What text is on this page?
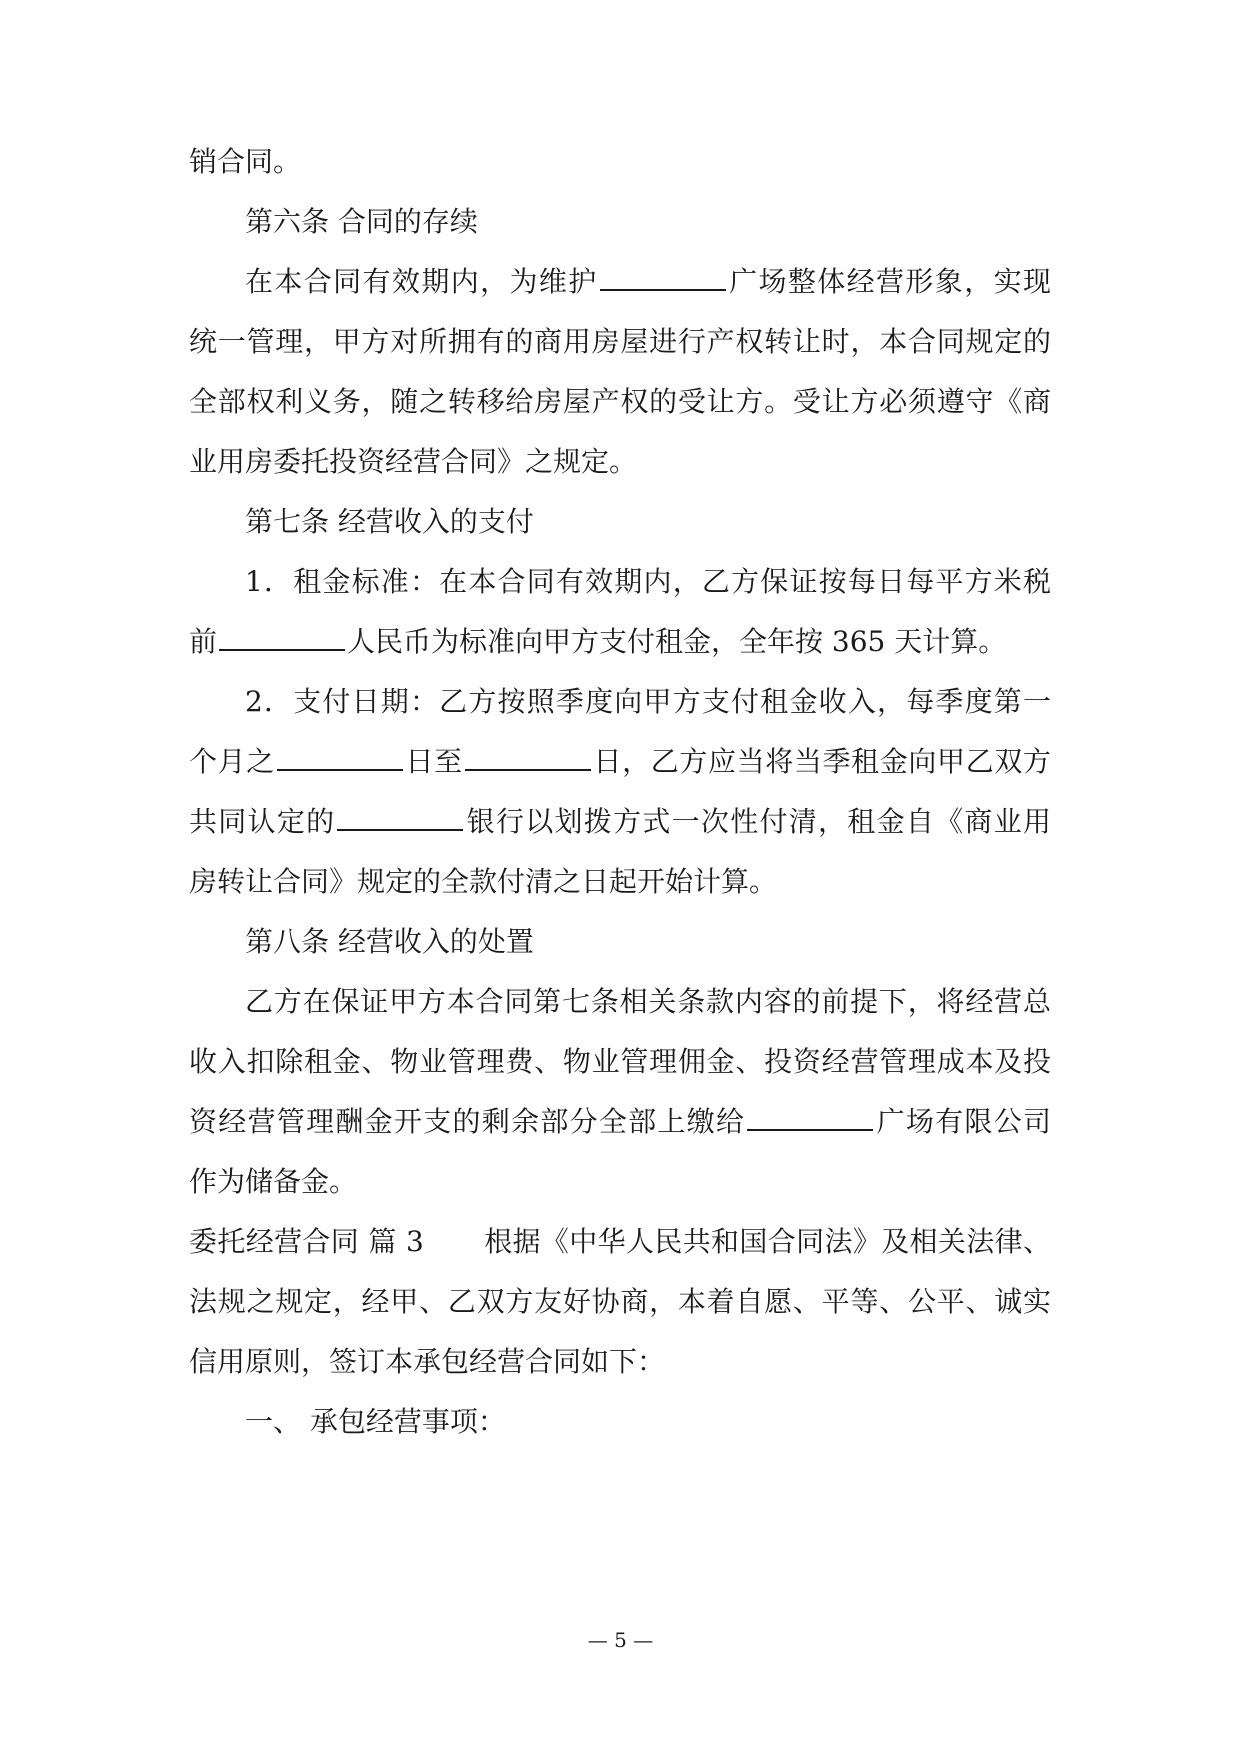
销合同。
第六条 合同的存续
在本合同有效期内，为维护	广场整体经营形象，实现
统一管理，甲方对所拥有的商用房屋进行产权转让时，本合同规定的
全部权利义务，随之转移给房屋产权的受让方。受让方必须遵守《商
业用房委托投资经营合同》之规定。
第七条 经营收入的支付
1．租金标准：在本合同有效期内，乙方保证按每日每平方米税
前	人民币为标准向甲方支付租金，全年按 365 天计算。
2．支付日期：乙方按照季度向甲方支付租金收入，每季度第一
个月之	日至	日，乙方应当将当季租金向甲乙双方
共同认定的	银行以划拨方式一次性付清，租金自《商业用
房转让合同》规定的全款付清之日起开始计算。
第八条 经营收入的处置
乙方在保证甲方本合同第七条相关条款内容的前提下，将经营总
收入扣除租金、物业管理费、物业管理佣金、投资经营管理成本及投
资经营管理酬金开支的剩余部分全部上缴给	广场有限公司
作为储备金。
委托经营合同 篇 3 根据《中华人民共和国合同法》及相关法律、
法规之规定，经甲、乙双方友好协商，本着自愿、平等、公平、诚实
信用原则，签订本承包经营合同如下：
一、 承包经营事项：
— 5 —
